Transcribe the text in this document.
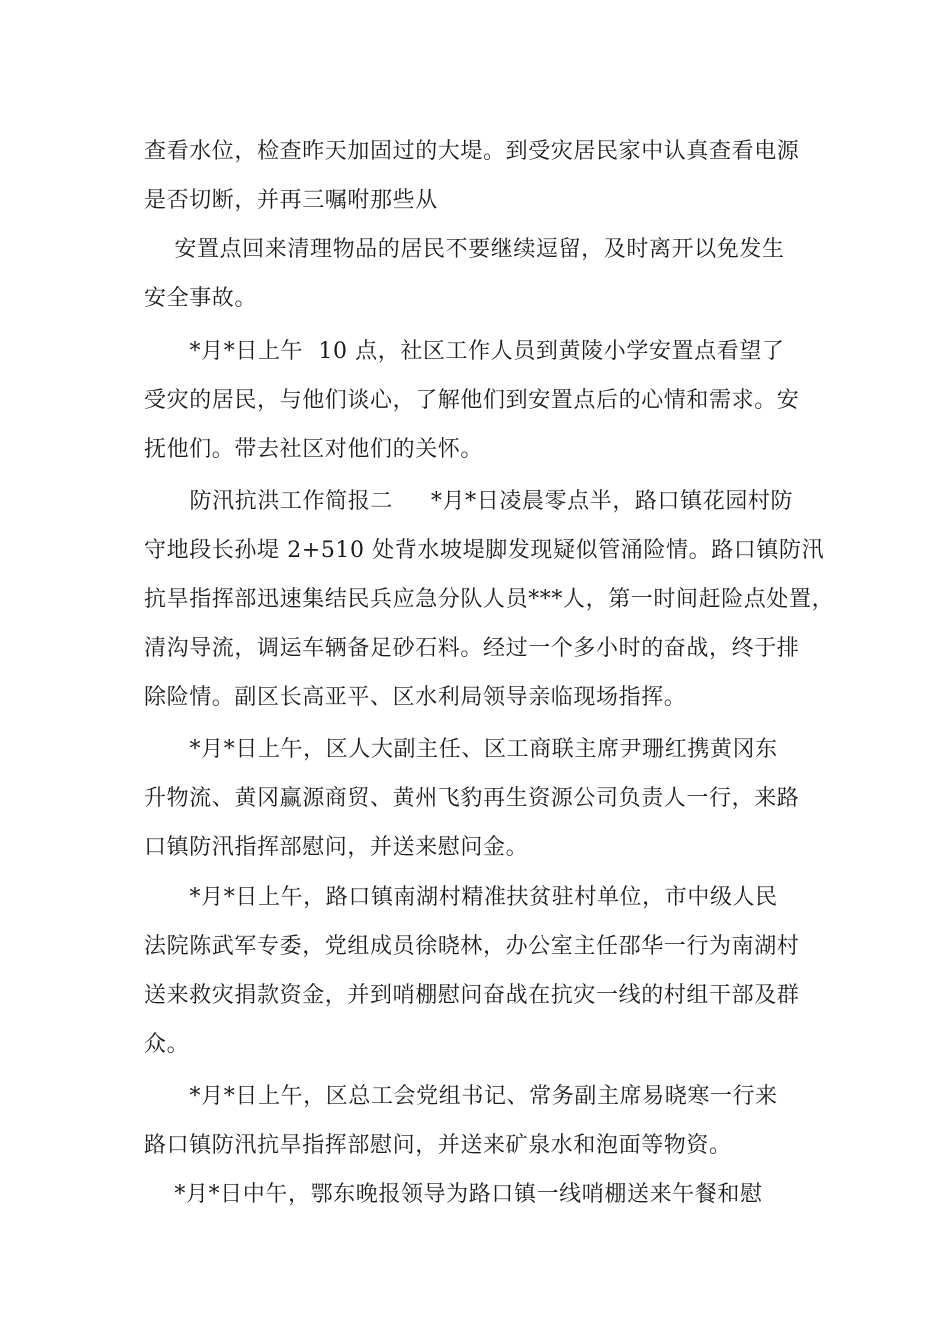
查看水位，检查昨天加固过的大堤。到受灾居民家中认真查看电源
是否切断，并再三嘱咐那些从
安置点回来清理物品的居民不要继续逗留，及时离开以免发生
安全事故。
*月*日上午  10 点，社区工作人员到黄陵小学安置点看望了
受灾的居民，与他们谈心，了解他们到安置点后的心情和需求。安
抚他们。带去社区对他们的关怀。
防汛抗洪工作简报二     *月*日凌晨零点半，路口镇花园村防
守地段长孙堤 2+510 处背水坡堤脚发现疑似管涌险情。路口镇防汛
抗旱指挥部迅速集结民兵应急分队人员***人，第一时间赶险点处置，
清沟导流，调运车辆备足砂石料。经过一个多小时的奋战，终于排
除险情。副区长高亚平、区水利局领导亲临现场指挥。
*月*日上午，区人大副主任、区工商联主席尹珊红携黄冈东
升物流、黄冈赢源商贸、黄州飞豹再生资源公司负责人一行，来路
口镇防汛指挥部慰问，并送来慰问金。
*月*日上午，路口镇南湖村精准扶贫驻村单位，市中级人民
法院陈武军专委，党组成员徐晓林，办公室主任邵华一行为南湖村
送来救灾捐款资金，并到哨棚慰问奋战在抗灾一线的村组干部及群
众。
*月*日上午，区总工会党组书记、常务副主席易晓寒一行来
路口镇防汛抗旱指挥部慰问，并送来矿泉水和泡面等物资。
*月*日中午，鄂东晚报领导为路口镇一线哨棚送来午餐和慰
